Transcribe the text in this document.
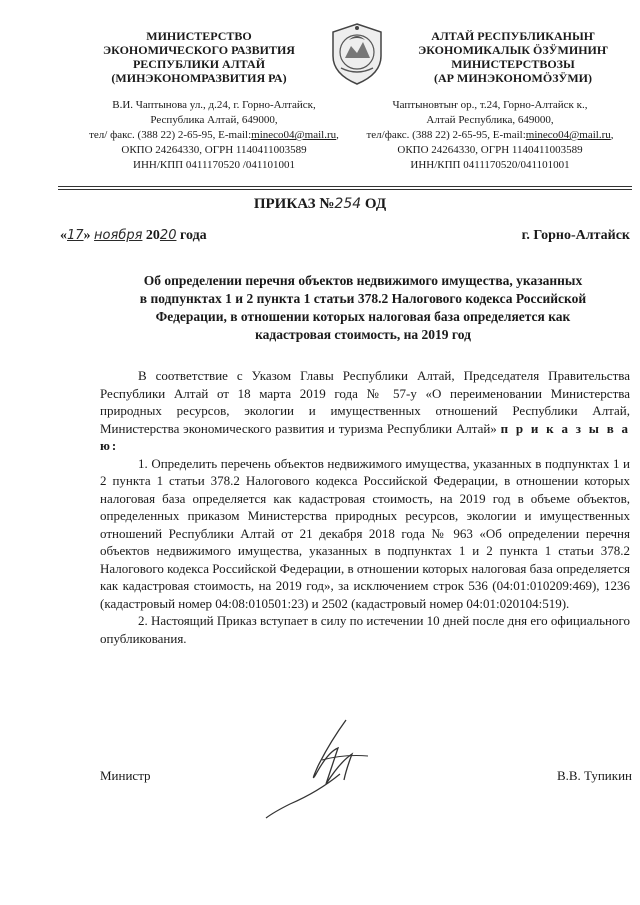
МИНИСТЕРСТВО
ЭКОНОМИЧЕСКОГО РАЗВИТИЯ
РЕСПУБЛИКИ АЛТАЙ
(МИНЭКОНОМРАЗВИТИЯ РА)
АЛТАЙ РЕСПУБЛИКАНЫҤ
ЭКОНОМИКАЛЫК ӦЗӰМИНИҤ
МИНИСТЕРСТВОЗЫ
(АР МИНЭКОНОМӦЗӰМИ)
В.И. Чаптынова ул., д.24, г. Горно-Алтайск,
Республика Алтай, 649000,
тел/ факс. (388 22) 2-65-95, E-mail:mineco04@mail.ru,
ОКПО 24264330, ОГРН 1140411003589
ИНН/КПП 0411170520 /041101001
Чаптыновтыҥ ор., т.24, Горно-Алтайск к.,
Алтай Республика, 649000,
тел/факс. (388 22) 2-65-95, E-mail:mineco04@mail.ru,
ОКПО 24264330, ОГРН 1140411003589
ИНН/КПП 0411170520/041101001
ПРИКАЗ №254 ОД
«17» ноября 2020 года	г. Горно-Алтайск
Об определении перечня объектов недвижимого имущества, указанных
в подпунктах 1 и 2 пункта 1 статьи 378.2 Налогового кодекса Российской
Федерации, в отношении которых налоговая база определяется как
кадастровая стоимость, на 2019 год

В соответствие с Указом Главы Республики Алтай, Председателя Правительства Республики Алтай от 18 марта 2019 года № 57-у «О переименовании Министерства природных ресурсов, экологии и имущественных отношений Республики Алтай, Министерства экономического развития и туризма Республики Алтай» п р и к а з ы в а ю:

1. Определить перечень объектов недвижимого имущества, указанных в подпунктах 1 и 2 пункта 1 статьи 378.2 Налогового кодекса Российской Федерации, в отношении которых налоговая база определяется как кадастровая стоимость, на 2019 год в объеме объектов, определенных приказом Министерства природных ресурсов, экологии и имущественных отношений Республики Алтай от 21 декабря 2018 года № 963 «Об определении перечня объектов недвижимого имущества, указанных в подпунктах 1 и 2 пункта 1 статьи 378.2 Налогового кодекса Российской Федерации, в отношении которых налоговая база определяется как кадастровая стоимость, на 2019 год», за исключением строк 536 (04:01:010209:469), 1236 (кадастровый номер 04:08:010501:23) и 2502 (кадастровый номер 04:01:020104:519).

2. Настоящий Приказ вступает в силу по истечении 10 дней после дня его официального опубликования.

Министр	В.В. Тупикин
